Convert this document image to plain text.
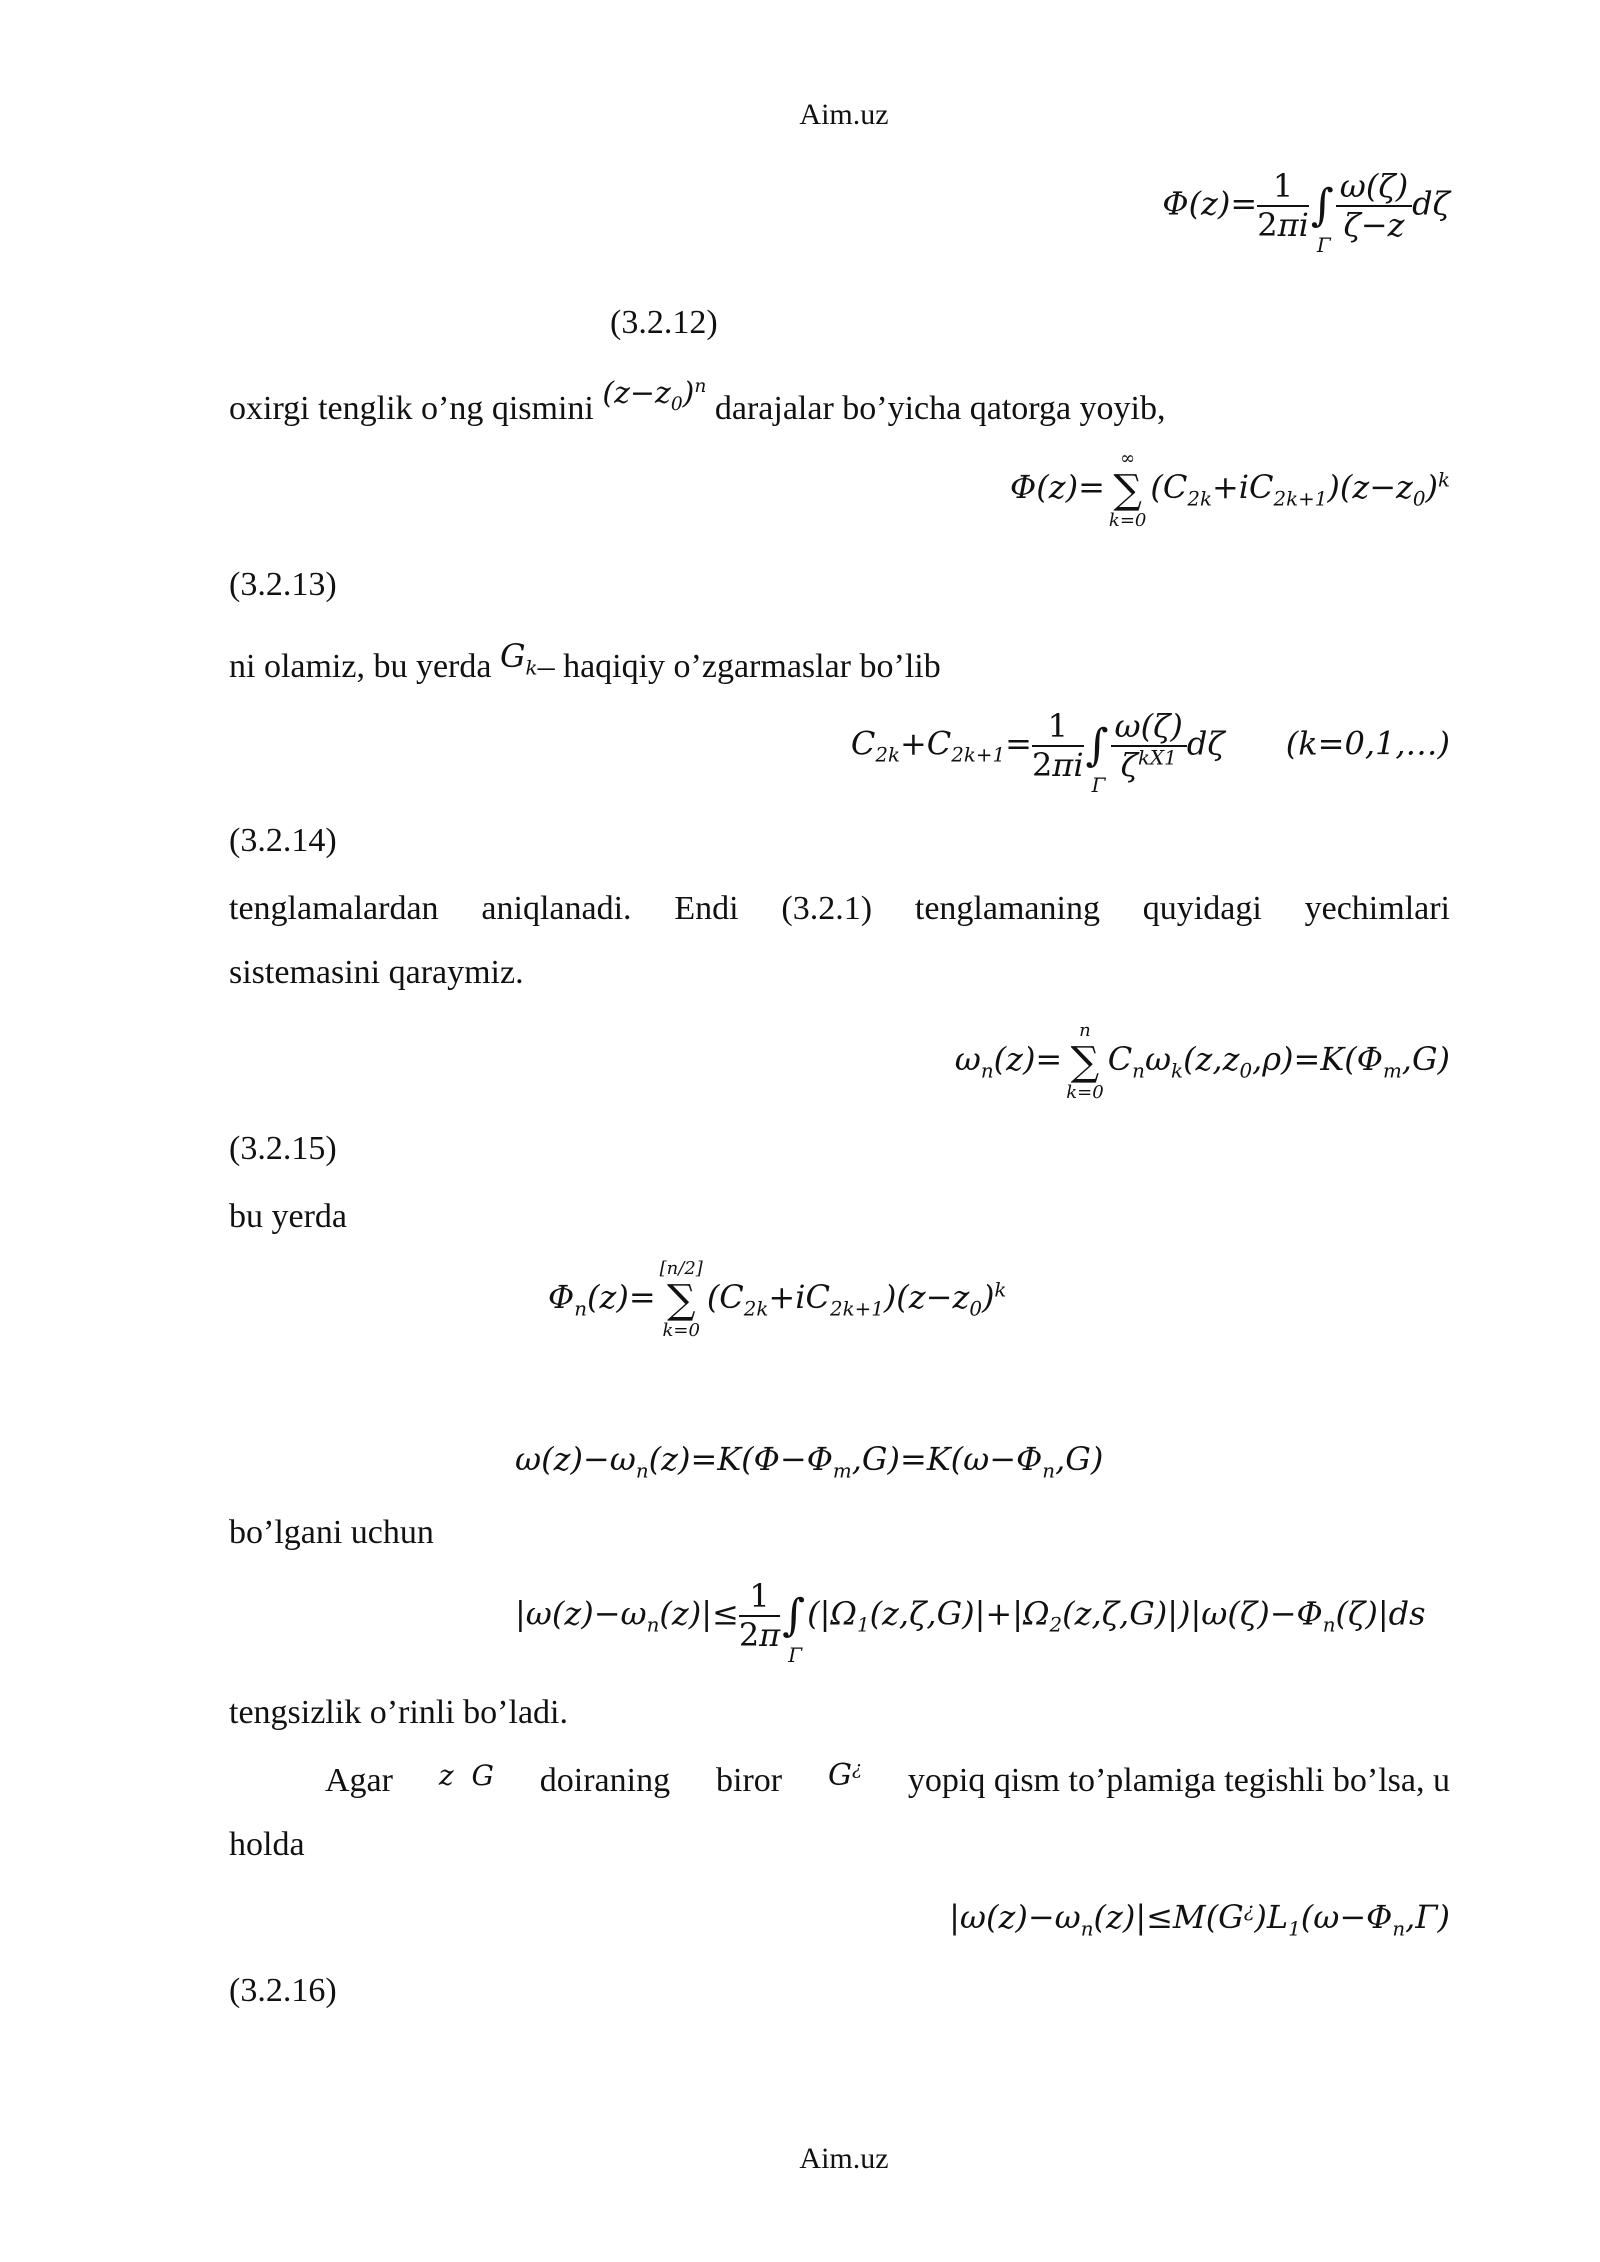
Aim.uz
$\Phi(z)= \frac{1}{2\pi i}$ ∫
Γ
$\frac{\omega(\zeta)}{\zeta-z}$ dζ
(3.2.12)
oxirgi tenglik o’ng qismini $(z-z_0)^n$ darajalar bo’yicha qatorga yoyib,
Φ(z)=
∞
∑
k=0
$(C_{2k}+iC_{2k+1})(z-z_0)^k$
(3.2.13)
ni olamiz, bu yerda $G_k-$ haqiqiy o’zgarmaslar bo’lib
$C_{2k}+C_{2k+1}= \frac{1}{2\pi i}$ ∫
Γ
$\frac{\omega(\zeta)}{\zeta^{kX1}}$ dζ      (k=0,1,…)
(3.2.14)
tenglamalardan aniqlanadi. Endi (3.2.1) tenglamaning quyidagi yechimlari
sistemasini qaraymiz.
$\omega_n(z)=$
n
∑
k=0
$C_n\omega_k(z,z_0,\rho)=K(\Phi_m,G)$
(3.2.15)
bu yerda
$\Phi_n(z)=$
[n/2]
∑
k=0
$(C_{2k}+iC_{2k+1})(z-z_0)^k$
$\omega(z)-\omega_n(z)=K(\Phi-\Phi_m,G)=K(\omega-\Phi_n,G)$
bo’lgani uchun
$|\omega(z)-\omega_n(z)|\le \frac{1}{2\pi}$ ∫
Γ
$(|\Omega_1(z,\zeta,G)|+|\Omega_2(z,\zeta,G)|)|\omega(\zeta)-\Phi_n(\zeta)|ds$
tengsizlik o’rinli bo’ladi.
Agar z  G doiraning biror G¿ yopiq qism to’plamiga tegishli bo’lsa, u
holda
$|\omega(z)-\omega_n(z)|\le M(G^¿)L_1(\omega-\Phi_n,\Gamma)$
(3.2.16)
Aim.uz
